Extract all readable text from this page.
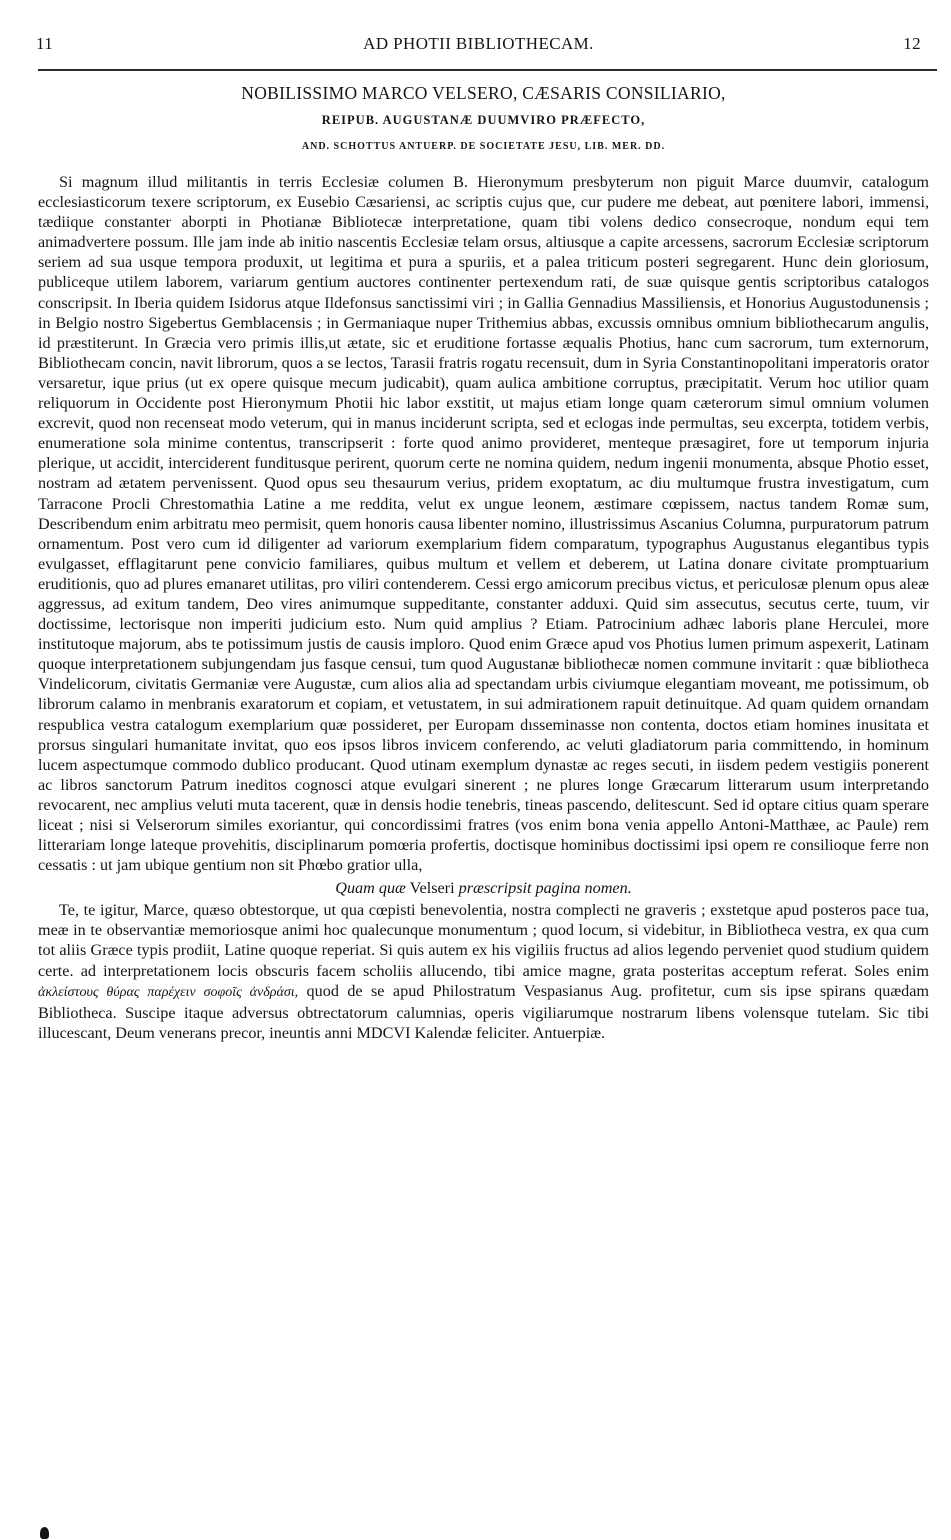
11	AD PHOTII BIBLIOTHECAM.	12
NOBILISSIMO MARCO VELSERO, CÆSARIS CONSILIARIO,
REIPUB. AUGUSTANÆ DUUMVIRO PRÆFECTO,
AND. SCHOTTUS ANTUERP. DE SOCIETATE JESU, LIB. MER. DD.

Si magnum illud militantis in terris Ecclesiæ columen B. Hieronymum presbyterum non piguit Marce duumvir, catalogum ecclesiasticorum texere scriptorum, ex Eusebio Cæsariensi, ac scriptis cujus que, cur pudere me debeat, aut pœnitere labori, immensi, tædiique constanter aborpti in Photianæ Bibliotecæ interpretatione, quam tibi volens dedico consecroque, nondum equi tem animadvertere possum. Ille jam inde ab initio nascentis Ecclesiæ telam orsus, altiusque a capite arcessens, sacrorum Ecclesiæ scriptorum seriem ad sua usque tempora produxit, ut legitima et pura a spuriis, et a palea triticum posteri segregarent. Hunc dein gloriosum, publiceque utilem laborem, variarum gentium auctores continenter pertexendum rati, de suæ quisque gentis scriptoribus catalogos conscripsit. In Iberia quidem Isidorus atque Ildefonsus sanctissimi viri ; in Gallia Gennadius Massiliensis, et Honorius Augustodunensis ; in Belgio nostro Sigebertus Gemblacensis ; in Germaniaque nuper Trithemius abbas, excussis omnibus omnium bibliothecarum angulis, id præstiterunt. In Græcia vero primis illis,ut ætate, sic et eruditione fortasse æqualis Photius, hanc cum sacrorum, tum externorum, Bibliothecam concin, navit librorum, quos a se lectos, Tarasii fratris rogatu recensuit, dum in Syria Constantinopolitani imperatoris orator versaretur, ique prius (ut ex opere quisque mecum judicabit), quam aulica ambitione corruptus, præcipitatit. Verum hoc utilior quam reliquorum in Occidente post Hieronymum Photii hic labor exstitit, ut majus etiam longe quam cæterorum simul omnium volumen excrevit, quod non recenseat modo veterum, qui in manus inciderunt scripta, sed et eclogas inde permultas, seu excerpta, totidem verbis, enumeratione sola minime contentus, transcripserit : forte quod animo provideret, menteque præsagiret, fore ut temporum injuria plerique, ut accidit, interciderent funditusque perirent, quorum certe ne nomina quidem, nedum ingenii monumenta, absque Photio esset, nostram ad ætatem pervenissent. Quod opus seu thesaurum verius, pridem exoptatum, ac diu multumque frustra investigatum, cum Tarracone Procli Chrestomathia Latine a me reddita, velut ex ungue leonem, æstimare cœpissem, nactus tandem Romæ sum, Describendum enim arbitratu meo permisit, quem honoris causa libenter nomino, illustrissimus Ascanius Columna, purpuratorum patrum ornamentum. Post vero cum id diligenter ad variorum exemplarium fidem comparatum, typographus Augustanus elegantibus typis evulgasset, efflagitarunt pene convicio familiares, quibus multum et vellem et deberem, ut Latina donare civitate promptuarium eruditionis, quo ad plures emanaret utilitas, pro viliri contenderem. Cessi ergo amicorum precibus victus, et periculosæ plenum opus aleæ aggressus, ad exitum tandem, Deo vires animumque suppeditante, constanter adduxi. Quid sim assecutus, secutus certe, tuum, vir doctissime, lectorisque non imperiti judicium esto. Num quid amplius ? Etiam. Patrocinium adhæc laboris plane Herculei, more institutoque majorum, abs te potissimum justis de causis imploro. Quod enim Græce apud vos Photius lumen primum aspexerit, Latinam quoque interpretationem subjungendam jus fasque censui, tum quod Augustanæ bibliothecæ nomen commune invitarit : quæ bibliotheca Vindelicorum, civitatis Germaniæ vere Augustæ, cum alios alia ad spectandam urbis civiumque elegantiam moveant, me potissimum, ob librorum calamo in menbranis exaratorum et copiam, et vetustatem, in sui admirationem rapuit detinuitque. Ad quam quidem ornandam respublica vestra catalogum exemplarium quæ possideret, per Europam dısseminasse non contenta, doctos etiam homines inusitata et prorsus singulari humanitate invitat, quo eos ipsos libros invicem conferendo, ac veluti gladiatorum paria committendo, in hominum lucem aspectumque commodo dublico producant. Quod utinam exemplum dynastæ ac reges secuti, in iisdem pedem vestigiis ponerent ac libros sanctorum Patrum ineditos cognosci atque evulgari sinerent ; ne plures longe Græcarum litterarum usum interpretando revocarent, nec amplius veluti muta tacerent, quæ in densis hodie tenebris, tineas pascendo, delitescunt. Sed id optare citius quam sperare liceat ; nisi si Velserorum similes exoriantur, qui concordissimi fratres (vos enim bona venia appello Antoni-Matthæe, ac Paule) rem litterariam longe lateque provehitis, disciplinarum pomœria profertis, doctisque hominibus doctissimi ipsi opem re consilioque ferre non cessatis : ut jam ubique gentium non sit Phœbo gratior ulla,

Quam quæ Velseri præscripsit pagina nomen.

Te, te igitur, Marce, quæso obtestorque, ut qua cœpisti benevolentia, nostra complecti ne graveris ; exstetque apud posteros pace tua, meæ in te observantiæ memoriosque animi hoc qualecunque monumentum ; quod locum, si videbitur, in Bibliotheca vestra, ex qua cum tot aliis Græce typis prodiit, Latine quoque reperiat. Si quis autem ex his vigiliis fructus ad alios legendo perveniet quod studium quidem certe. ad interpretationem locis obscuris facem scholiis allucendo, tibi amice magne, grata posteritas acceptum referat. Soles enim ἀκλείστους θύρας παρέχειν σοφοῖς ἀνδράσι, quod de se apud Philostratum Vespasianus Aug. profitetur, cum sis ipse spirans quædam Bibliotheca. Suscipe itaque adversus obtrectatorum calumnias, operis vigiliarumque nostrarum libens volensque tutelam. Sic tibi illucescant, Deum venerans precor, ineuntis anni MDCVI Kalendæ feliciter. Antuerpiæ.
